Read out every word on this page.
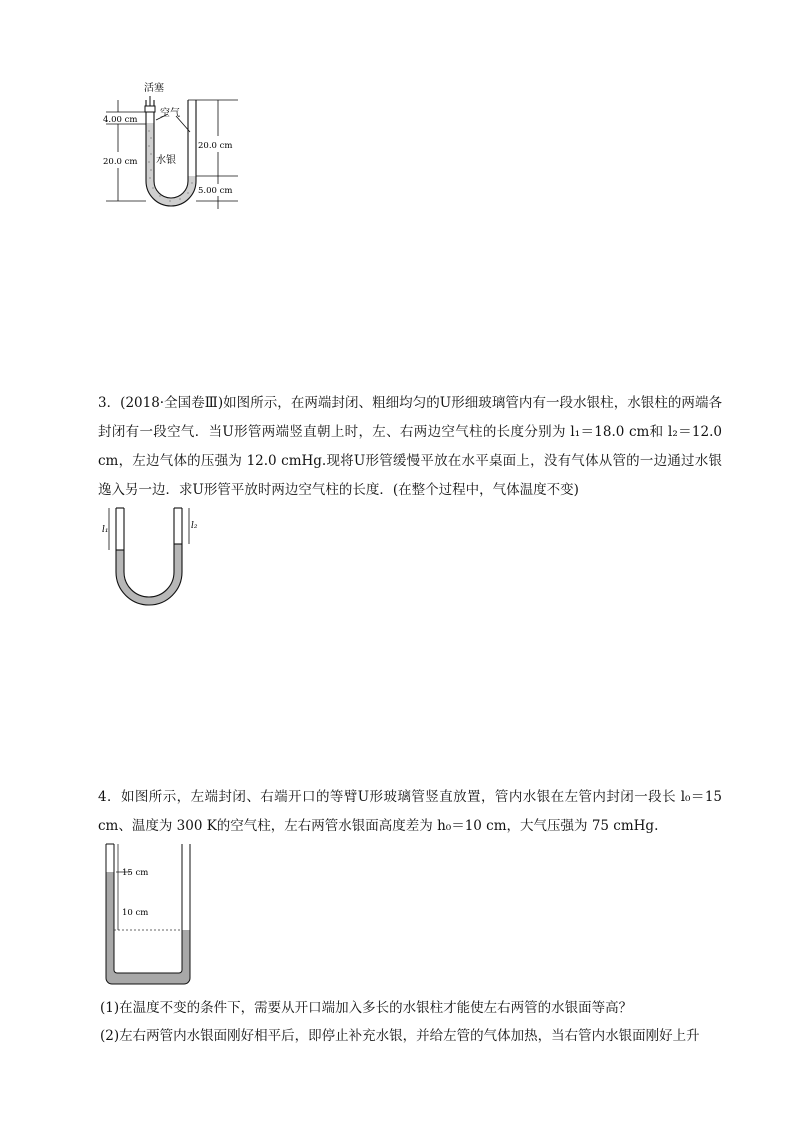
活塞
空气
水银
4.00 cm
20.0 cm
20.0 cm
5.00 cm
3．(2018·全国卷Ⅲ)如图所示，在两端封闭、粗细均匀的U形细玻璃管内有一段水银柱，水银柱的两端各封闭有一段空气．当U形管两端竖直朝上时，左、右两边空气柱的长度分别为 l₁＝18.0 cm和 l₂＝12.0 cm，左边气体的压强为 12.0 cmHg.现将U形管缓慢平放在水平桌面上，没有气体从管的一边通过水银逸入另一边．求U形管平放时两边空气柱的长度．(在整个过程中，气体温度不变)
l₁	l₂
4．如图所示，左端封闭、右端开口的等臂U形玻璃管竖直放置，管内水银在左管内封闭一段长 l₀＝15 cm、温度为 300 K的空气柱，左右两管水银面高度差为 h₀＝10 cm，大气压强为 75 cmHg.
15 cm
10 cm
(1)在温度不变的条件下，需要从开口端加入多长的水银柱才能使左右两管的水银面等高？
(2)左右两管内水银面刚好相平后，即停止补充水银，并给左管的气体加热，当右管内水银面刚好上升
